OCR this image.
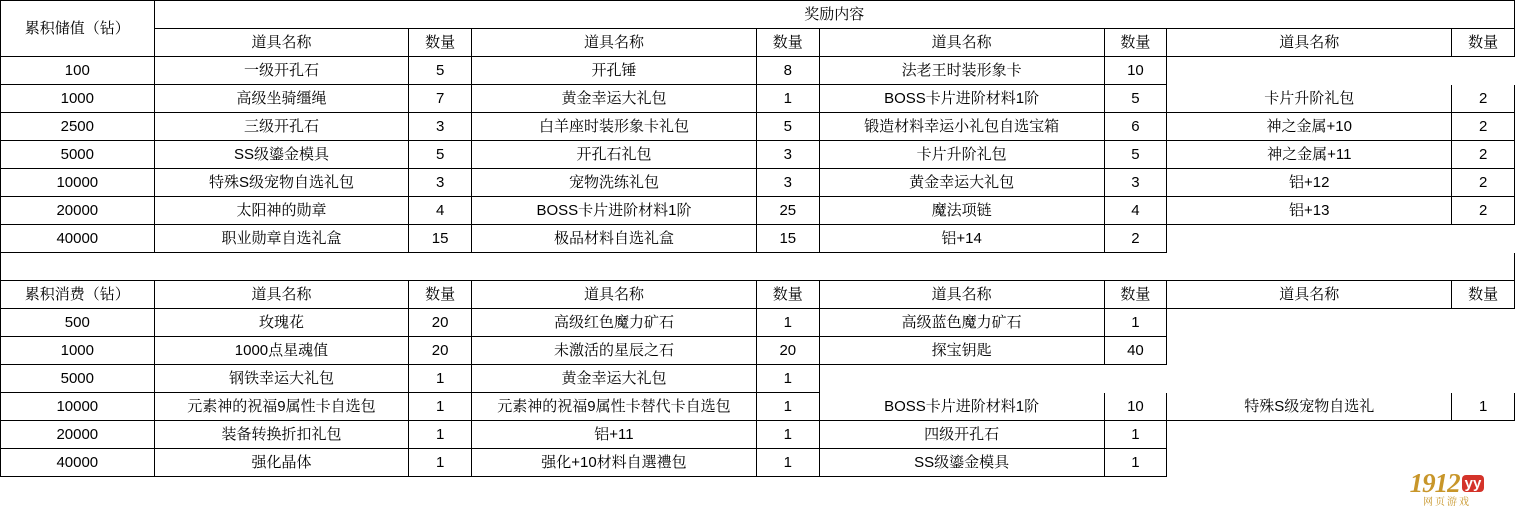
累积储值（钻）	奖励内容							
	道具名称	数量	道具名称	数量	道具名称	数量	道具名称	数量
100	一级开孔石	5	开孔锤	8	法老王时装形象卡	10		
1000	高级坐骑缰绳	7	黄金幸运大礼包	1	BOSS卡片进阶材料1阶	5	卡片升阶礼包	2
2500	三级开孔石	3	白羊座时装形象卡礼包	5	锻造材料幸运小礼包自选宝箱	6	神之金属+10	2
5000	SS级鎏金模具	5	开孔石礼包	3	卡片升阶礼包	5	神之金属+11	2
10000	特殊S级宠物自选礼包	3	宠物洗练礼包	3	黄金幸运大礼包	3	铝+12	2
20000	太阳神的勋章	4	BOSS卡片进阶材料1阶	25	魔法项链	4	铝+13	2
40000	职业勋章自选礼盒	15	极品材料自选礼盒	15	铝+14	2		

累积消费（钻）	道具名称	数量	道具名称	数量	道具名称	数量	道具名称	数量
500	玫瑰花	20	高级红色魔力矿石	1	高级蓝色魔力矿石	1		
1000	1000点星魂值	20	未激活的星辰之石	20	探宝钥匙	40		
5000	钢铁幸运大礼包	1	黄金幸运大礼包	1				
10000	元素神的祝福9属性卡自选包	1	元素神的祝福9属性卡替代卡自选包	1	BOSS卡片进阶材料1阶	10	特殊S级宠物自选礼	1
20000	装备转换折扣礼包	1	铝+11	1	四级开孔石	1		
40000	强化晶体	1	强化+10材料自選禮包	1	SS级鎏金模具	1		
1912 yy
网页游戏
